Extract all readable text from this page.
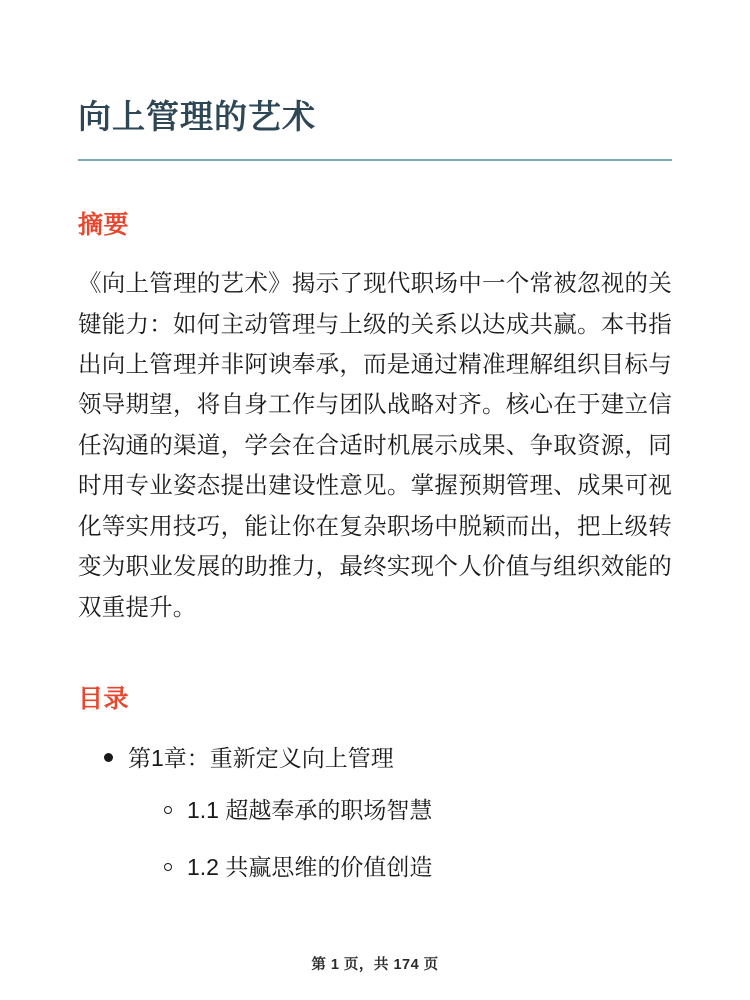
向上管理的艺术
摘要

《向上管理的艺术》揭示了现代职场中一个常被忽视的关键能力：如何主动管理与上级的关系以达成共赢。本书指出向上管理并非阿谀奉承，而是通过精准理解组织目标与领导期望，将自身工作与团队战略对齐。核心在于建立信任沟通的渠道，学会在合适时机展示成果、争取资源，同时用专业姿态提出建设性意见。掌握预期管理、成果可视化等实用技巧，能让你在复杂职场中脱颖而出，把上级转变为职业发展的助推力，最终实现个人价值与组织效能的双重提升。

目录
第1章：重新定义向上管理
1.1 超越奉承的职场智慧
1.2 共赢思维的价值创造
第 1 页，共 174 页
